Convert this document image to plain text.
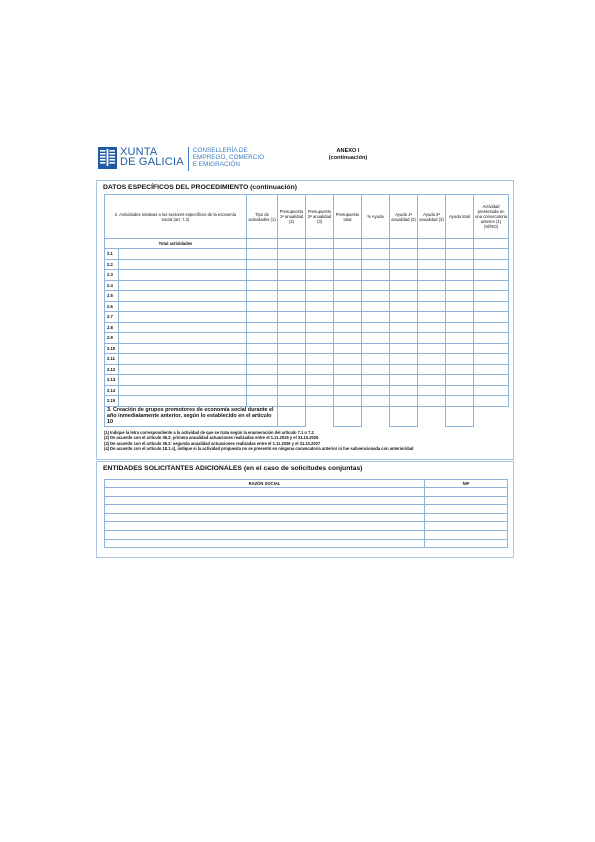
XUNTA
DE GALICIA
CONSELLERÍA DE
EMPREGO, COMERCIO
E EMIGRACIÓN
ANEXO I
(continuación)
DATOS ESPECÍFICOS DEL PROCEDIMIENTO (continuación)
2. Actividades relativas a los sectores específicos de la economía social (art. 7.2)		Tipo de actividades (1)	Presupuesto 1ª anualidad (2)	Presupuesto 2ª anualidad (3)	Presupuesto total	% Ayuda	Ayuda 1ª anualidad (2)	Ayuda 2ª anualidad (3)	Ayuda total	Actividad presentada en una convocatoria anterior (1) (SÍ/NO)
Total actividades										
2.1										
2.2										
2.3										
2.4										
2.5										
2.6										
2.7										
2.8										
2.9										
2.10										
2.11										
2.12										
2.13										
2.14										
2.15										
3. Creación de grupos promotores de economía social durante el año inmediatamente anterior, según lo establecido en el artículo 10										
(1) Indique la letra correspondiente a la actividad de que se trata según la enumeración del artículo 7.1 o 7.2
(2) De acuerdo con el artículo 36.2: primera anualidad actuaciones realizadas entre el 1.11.2025 y el 31.10.2026
(3) De acuerdo con el artículo 36.2: segunda anualidad actuaciones realizadas entre el 1.11.2026 y el 31.10.2027
(4) De acuerdo con el artículo 18.1.c), indique si la actividad propuesta no se presentó en ninguna convocatoria anterior ni fue subvencionada con anterioridad
ENTIDADES SOLICITANTES ADICIONALES (en el caso de solicitudes conjuntas)
RAZÓN SOCIAL	NIF
